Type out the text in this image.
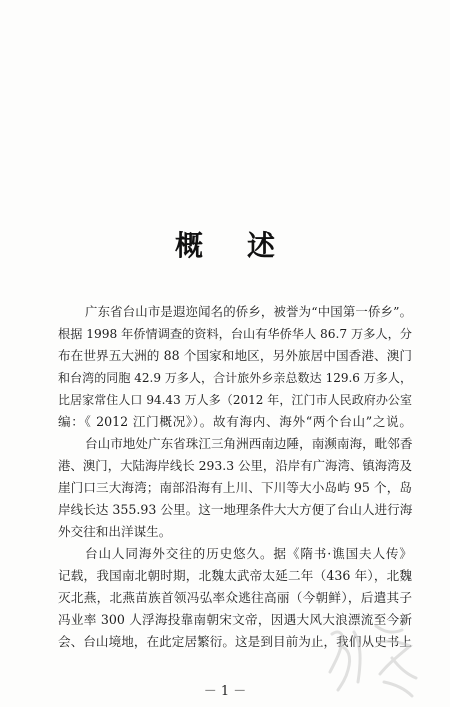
概　述
广东省台山市是遐迩闻名的侨乡，被誉为“中国第一侨乡”。
根据 1998 年侨情调查的资料，台山有华侨华人 86.7 万多人，分
布在世界五大洲的 88 个国家和地区，另外旅居中国香港、澳门
和台湾的同胞 42.9 万多人，合计旅外乡亲总数达 129.6 万多人，
比居家常住人口 94.43 万人多（2012 年，江门市人民政府办公室
编：《 2012 江门概况》）。故有海内、海外“两个台山”之说。
台山市地处广东省珠江三角洲西南边陲，南濒南海，毗邻香
港、澳门，大陆海岸线长 293.3 公里，沿岸有广海湾、镇海湾及
崖门口三大海湾；南部沿海有上川、下川等大小岛屿 95 个，岛
岸线长达 355.93 公里。这一地理条件大大方便了台山人进行海
外交往和出洋谋生。
台山人同海外交往的历史悠久。据《隋书·谯国夫人传》
记载，我国南北朝时期，北魏太武帝太延二年（436 年），北魏
灭北燕，北燕苗族首领冯弘率众逃往高丽（今朝鲜），后遣其子
冯业率 300 人浮海投靠南朝宋文帝，因遇大风大浪漂流至今新
会、台山境地，在此定居繁衍。这是到目前为止，我们从史书上
－ 1 －
